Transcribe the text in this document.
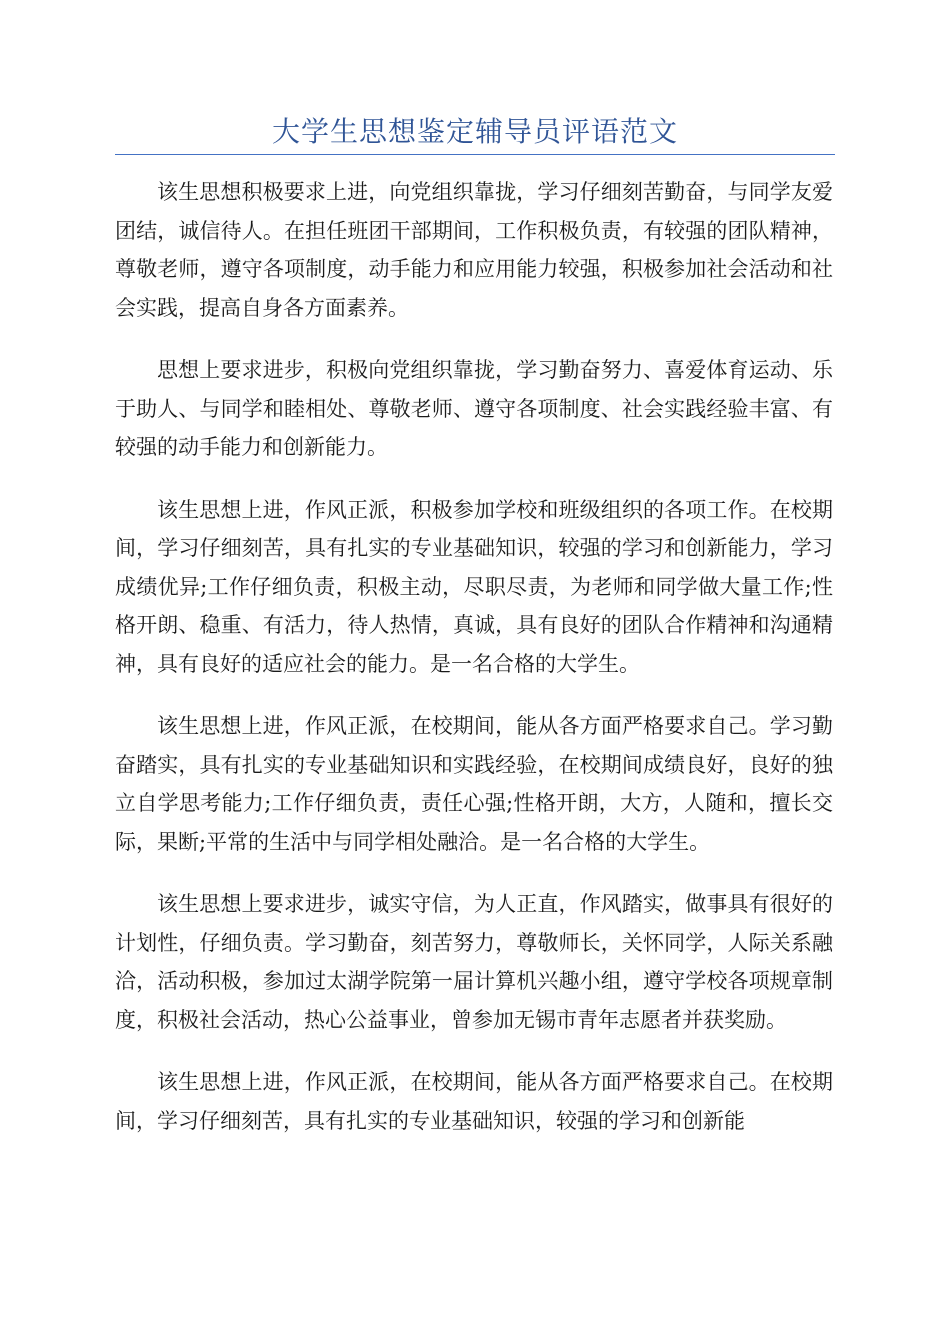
大学生思想鉴定辅导员评语范文

该生思想积极要求上进，向党组织靠拢，学习仔细刻苦勤奋，与同学友爱团结，诚信待人。在担任班团干部期间，工作积极负责，有较强的团队精神，尊敬老师，遵守各项制度，动手能力和应用能力较强，积极参加社会活动和社会实践，提高自身各方面素养。

思想上要求进步，积极向党组织靠拢，学习勤奋努力、喜爱体育运动、乐于助人、与同学和睦相处、尊敬老师、遵守各项制度、社会实践经验丰富、有较强的动手能力和创新能力。

该生思想上进，作风正派，积极参加学校和班级组织的各项工作。在校期间，学习仔细刻苦，具有扎实的专业基础知识，较强的学习和创新能力，学习成绩优异;工作仔细负责，积极主动，尽职尽责，为老师和同学做大量工作;性格开朗、稳重、有活力，待人热情，真诚，具有良好的团队合作精神和沟通精神，具有良好的适应社会的能力。是一名合格的大学生。

该生思想上进，作风正派，在校期间，能从各方面严格要求自己。学习勤奋踏实，具有扎实的专业基础知识和实践经验，在校期间成绩良好，良好的独立自学思考能力;工作仔细负责，责任心强;性格开朗，大方，人随和，擅长交际，果断;平常的生活中与同学相处融洽。是一名合格的大学生。

该生思想上要求进步，诚实守信，为人正直，作风踏实，做事具有很好的计划性，仔细负责。学习勤奋，刻苦努力，尊敬师长，关怀同学，人际关系融洽，活动积极，参加过太湖学院第一届计算机兴趣小组，遵守学校各项规章制度，积极社会活动，热心公益事业，曾参加无锡市青年志愿者并获奖励。

该生思想上进，作风正派，在校期间，能从各方面严格要求自己。在校期间，学习仔细刻苦，具有扎实的专业基础知识，较强的学习和创新能
